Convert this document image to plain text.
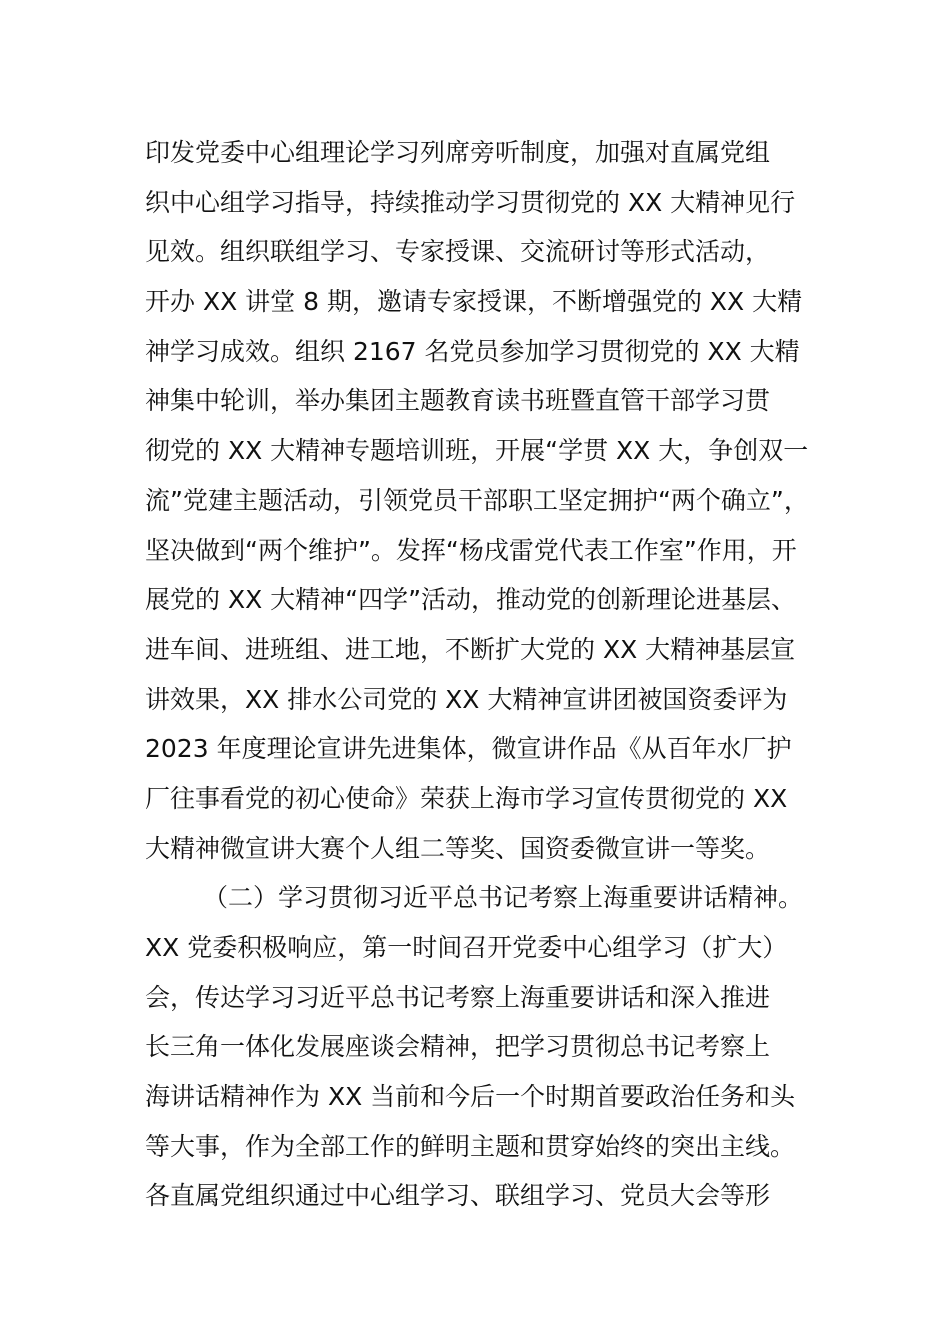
印发党委中心组理论学习列席旁听制度，加强对直属党组
织中心组学习指导，持续推动学习贯彻党的 XX 大精神见行
见效。组织联组学习、专家授课、交流研讨等形式活动，
开办 XX 讲堂 8 期，邀请专家授课，不断增强党的 XX 大精
神学习成效。组织 2167 名党员参加学习贯彻党的 XX 大精
神集中轮训，举办集团主题教育读书班暨直管干部学习贯
彻党的 XX 大精神专题培训班，开展“学贯 XX 大，争创双一
流”党建主题活动，引领党员干部职工坚定拥护“两个确立”，
坚决做到“两个维护”。发挥“杨戌雷党代表工作室”作用，开
展党的 XX 大精神“四学”活动，推动党的创新理论进基层、
进车间、进班组、进工地，不断扩大党的 XX 大精神基层宣
讲效果，XX 排水公司党的 XX 大精神宣讲团被国资委评为
2023 年度理论宣讲先进集体，微宣讲作品《从百年水厂护
厂往事看党的初心使命》荣获上海市学习宣传贯彻党的 XX
大精神微宣讲大赛个人组二等奖、国资委微宣讲一等奖。
（二）学习贯彻习近平总书记考察上海重要讲话精神。
XX 党委积极响应，第一时间召开党委中心组学习（扩大）
会，传达学习习近平总书记考察上海重要讲话和深入推进
长三角一体化发展座谈会精神，把学习贯彻总书记考察上
海讲话精神作为 XX 当前和今后一个时期首要政治任务和头
等大事，作为全部工作的鲜明主题和贯穿始终的突出主线。
各直属党组织通过中心组学习、联组学习、党员大会等形
